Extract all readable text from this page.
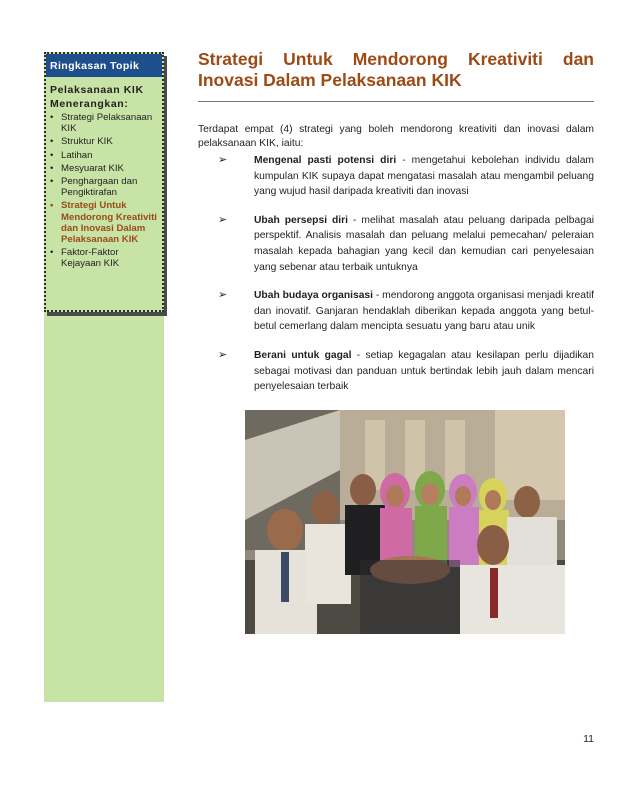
Ringkasan Topik
Pelaksanaan KIK
Menerangkan:
• Strategi Pelaksanaan KIK
• Struktur KIK
• Latihan
• Mesyuarat KIK
• Penghargaan dan Pengiktirafan
• Strategi Untuk Mendorong Kreativiti dan Inovasi Dalam Pelaksanaan KIK
• Faktor-Faktor Kejayaan KIK
Strategi Untuk Mendorong Kreativiti dan
Inovasi Dalam Pelaksanaan KIK

Terdapat empat (4) strategi yang boleh mendorong kreativiti dan inovasi dalam pelaksanaan KIK, iaitu:

➢	Mengenal pasti potensi diri - mengetahui kebolehan individu dalam kumpulan KIK supaya dapat mengatasi masalah atau mengambil peluang yang wujud hasil daripada kreativiti dan inovasi
➢	Ubah persepsi diri - melihat masalah atau peluang daripada pelbagai perspektif. Analisis masalah dan peluang melalui pemecahan/ peleraian masalah kepada bahagian yang kecil dan kemudian cari penyelesaian yang sebenar atau terbaik untuknya
➢	Ubah budaya organisasi - mendorong anggota organisasi menjadi kreatif dan inovatif. Ganjaran hendaklah diberikan kepada anggota yang betul-betul cemerlang dalam mencipta sesuatu yang baru atau unik
➢	Berani untuk gagal - setiap kegagalan atau kesilapan perlu dijadikan sebagai motivasi dan panduan untuk bertindak lebih jauh dalam mencari penyelesaian terbaik
11
